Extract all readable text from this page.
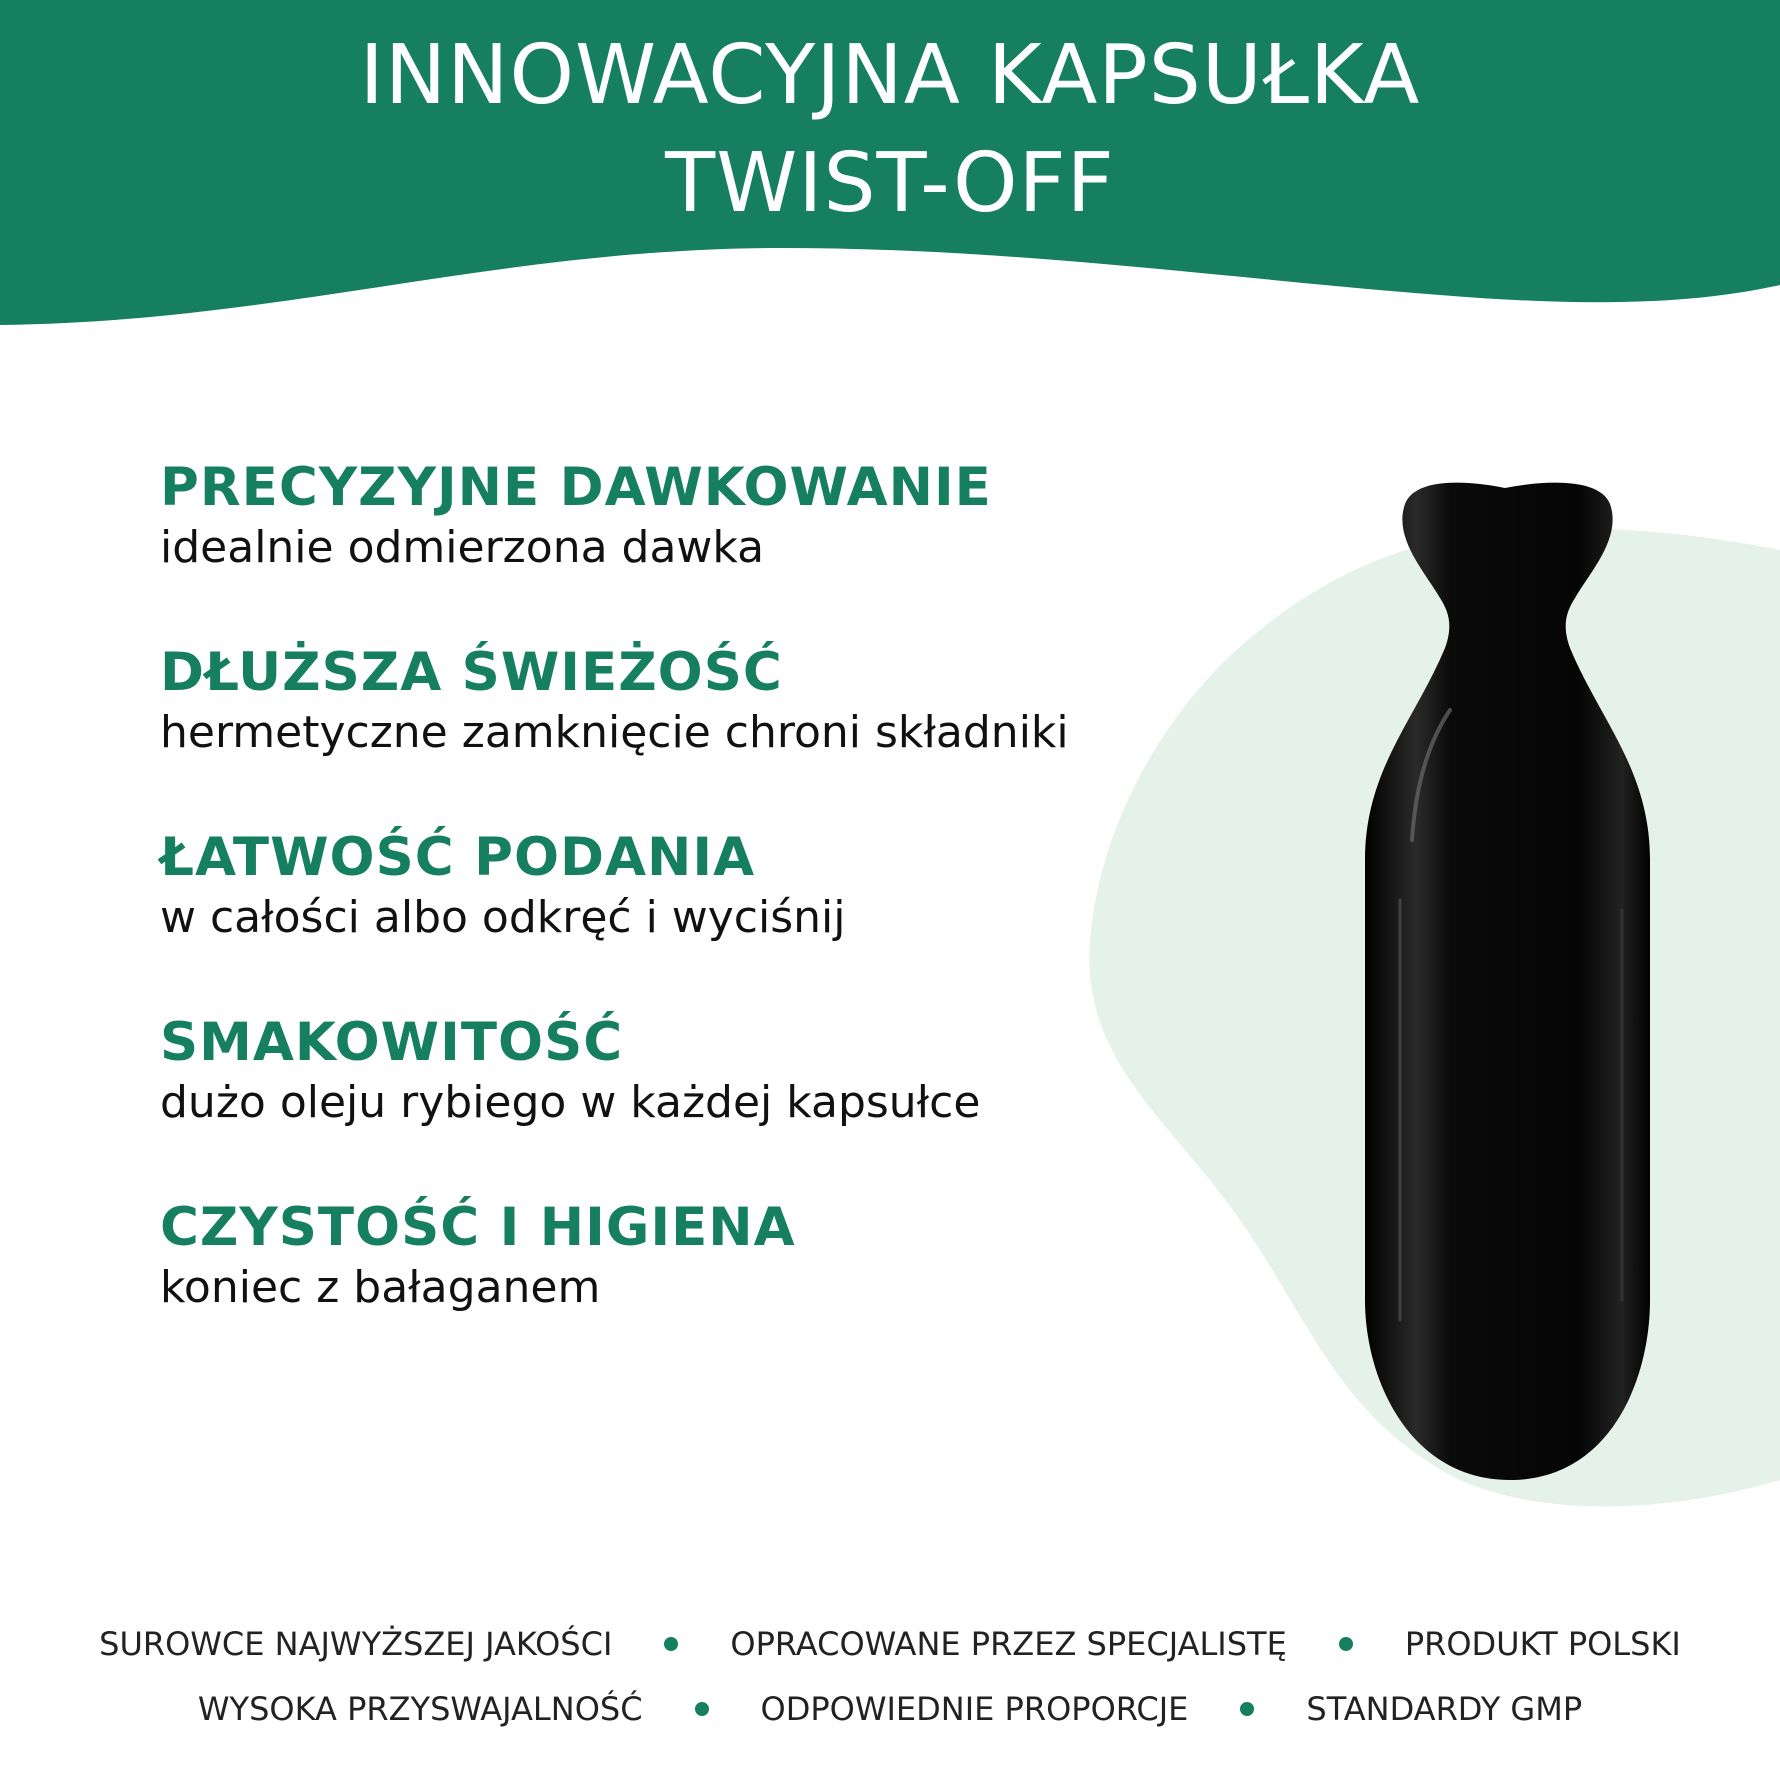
INNOWACYJNA KAPSUŁKA
TWIST-OFF
PRECYZYJNE DAWKOWANIE
idealnie odmierzona dawka
DŁUŻSZA ŚWIEŻOŚĆ
hermetyczne zamknięcie chroni składniki
ŁATWOŚĆ PODANIA
w całości albo odkręć i wyciśnij
SMAKOWITOŚĆ
dużo oleju rybiego w każdej kapsułce
CZYSTOŚĆ I HIGIENA
koniec z bałaganem
SUROWCE NAJWYŻSZEJ JAKOŚCI	OPRACOWANE PRZEZ SPECJALISTĘ	PRODUKT POLSKI
WYSOKA PRZYSWAJALNOŚĆ	ODPOWIEDNIE PROPORCJE	STANDARDY GMP
